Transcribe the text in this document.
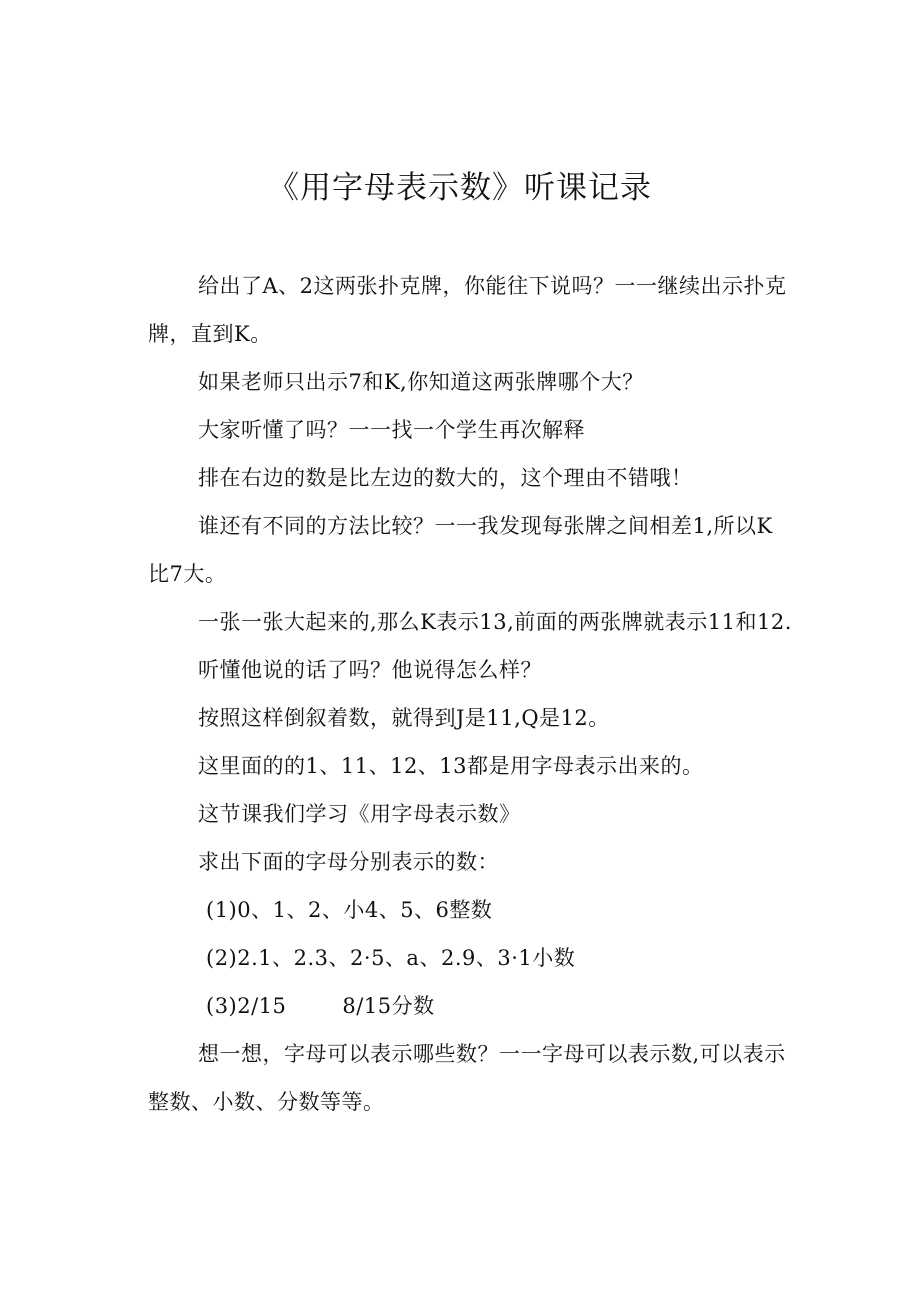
《用字母表示数》听课记录

给出了A、2这两张扑克牌，你能往下说吗？一一继续出示扑克牌，直到K。

如果老师只出示7和K,你知道这两张牌哪个大？

大家听懂了吗？一一找一个学生再次解释

排在右边的数是比左边的数大的，这个理由不错哦！

谁还有不同的方法比较？一一我发现每张牌之间相差1,所以K比7大。

一张一张大起来的,那么K表示13,前面的两张牌就表示11和12.

听懂他说的话了吗？他说得怎么样？

按照这样倒叙着数，就得到J是11,Q是12。

这里面的的1、11、12、13都是用字母表示出来的。

这节课我们学习《用字母表示数》

求出下面的字母分别表示的数：

(1)0、1、2、小4、5、6整数

(2)2.1、2.3、2·5、a、2.9、3·1小数

(3)2/15	8/15分数

想一想，字母可以表示哪些数？一一字母可以表示数,可以表示整数、小数、分数等等。
